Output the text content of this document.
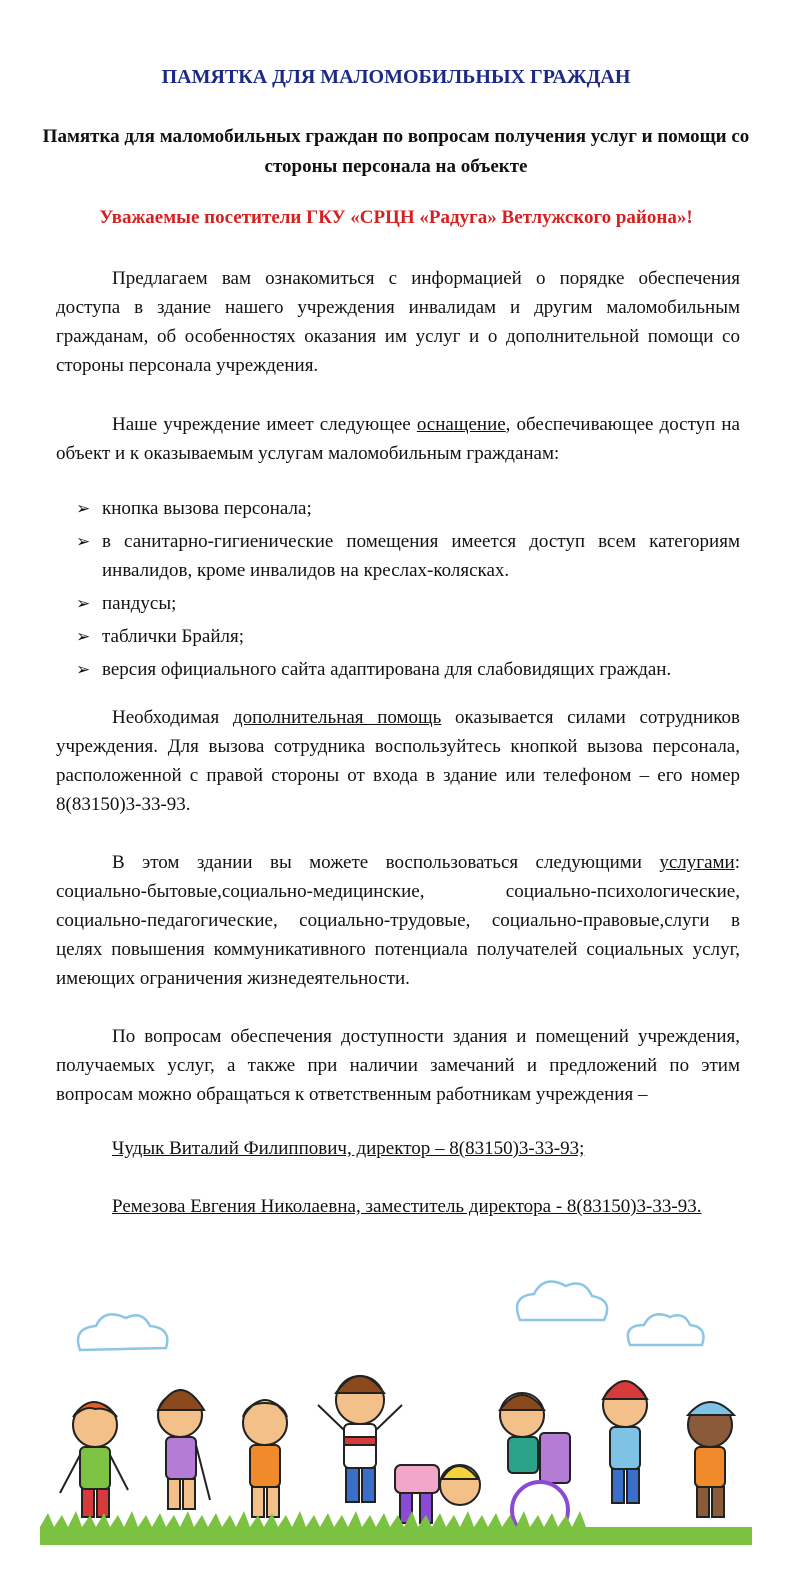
ПАМЯТКА ДЛЯ МАЛОМОБИЛЬНЫХ ГРАЖДАН
Памятка для маломобильных граждан по вопросам получения услуг и помощи со стороны персонала на объекте
Уважаемые посетители ГКУ «СРЦН «Радуга» Ветлужского района»!

Предлагаем вам ознакомиться с информацией о порядке обеспечения доступа в здание нашего учреждения инвалидам и другим маломобильным гражданам, об особенностях оказания им услуг и о дополнительной помощи со стороны персонала учреждения.

Наше учреждение имеет следующее оснащение, обеспечивающее доступ на объект и к оказываемым услугам маломобильным гражданам:

➢ кнопка вызова персонала;
➢ в санитарно-гигиенические помещения имеется доступ всем категориям инвалидов, кроме инвалидов на креслах-колясках.
➢ пандусы;
➢ таблички Брайля;
➢ версия официального сайта адаптирована для слабовидящих граждан.

Необходимая дополнительная помощь оказывается силами сотрудников учреждения. Для вызова сотрудника воспользуйтесь кнопкой вызова персонала, расположенной с правой стороны от входа в здание или телефоном – его номер 8(83150)3-33-93.

В этом здании вы можете воспользоваться следующими услугами: социально-бытовые,социально-медицинские, социально-психологические, социально-педагогические, социально-трудовые, социально-правовые,слуги в целях повышения коммуникативного потенциала получателей социальных услуг, имеющих ограничения жизнедеятельности.

По вопросам обеспечения доступности здания и помещений учреждения, получаемых услуг, а также при наличии замечаний и предложений по этим вопросам можно обращаться к ответственным работникам учреждения –

Чудык Виталий Филиппович, директор – 8(83150)3-33-93;
Ремезова Евгения Николаевна, заместитель директора - 8(83150)3-33-93.
